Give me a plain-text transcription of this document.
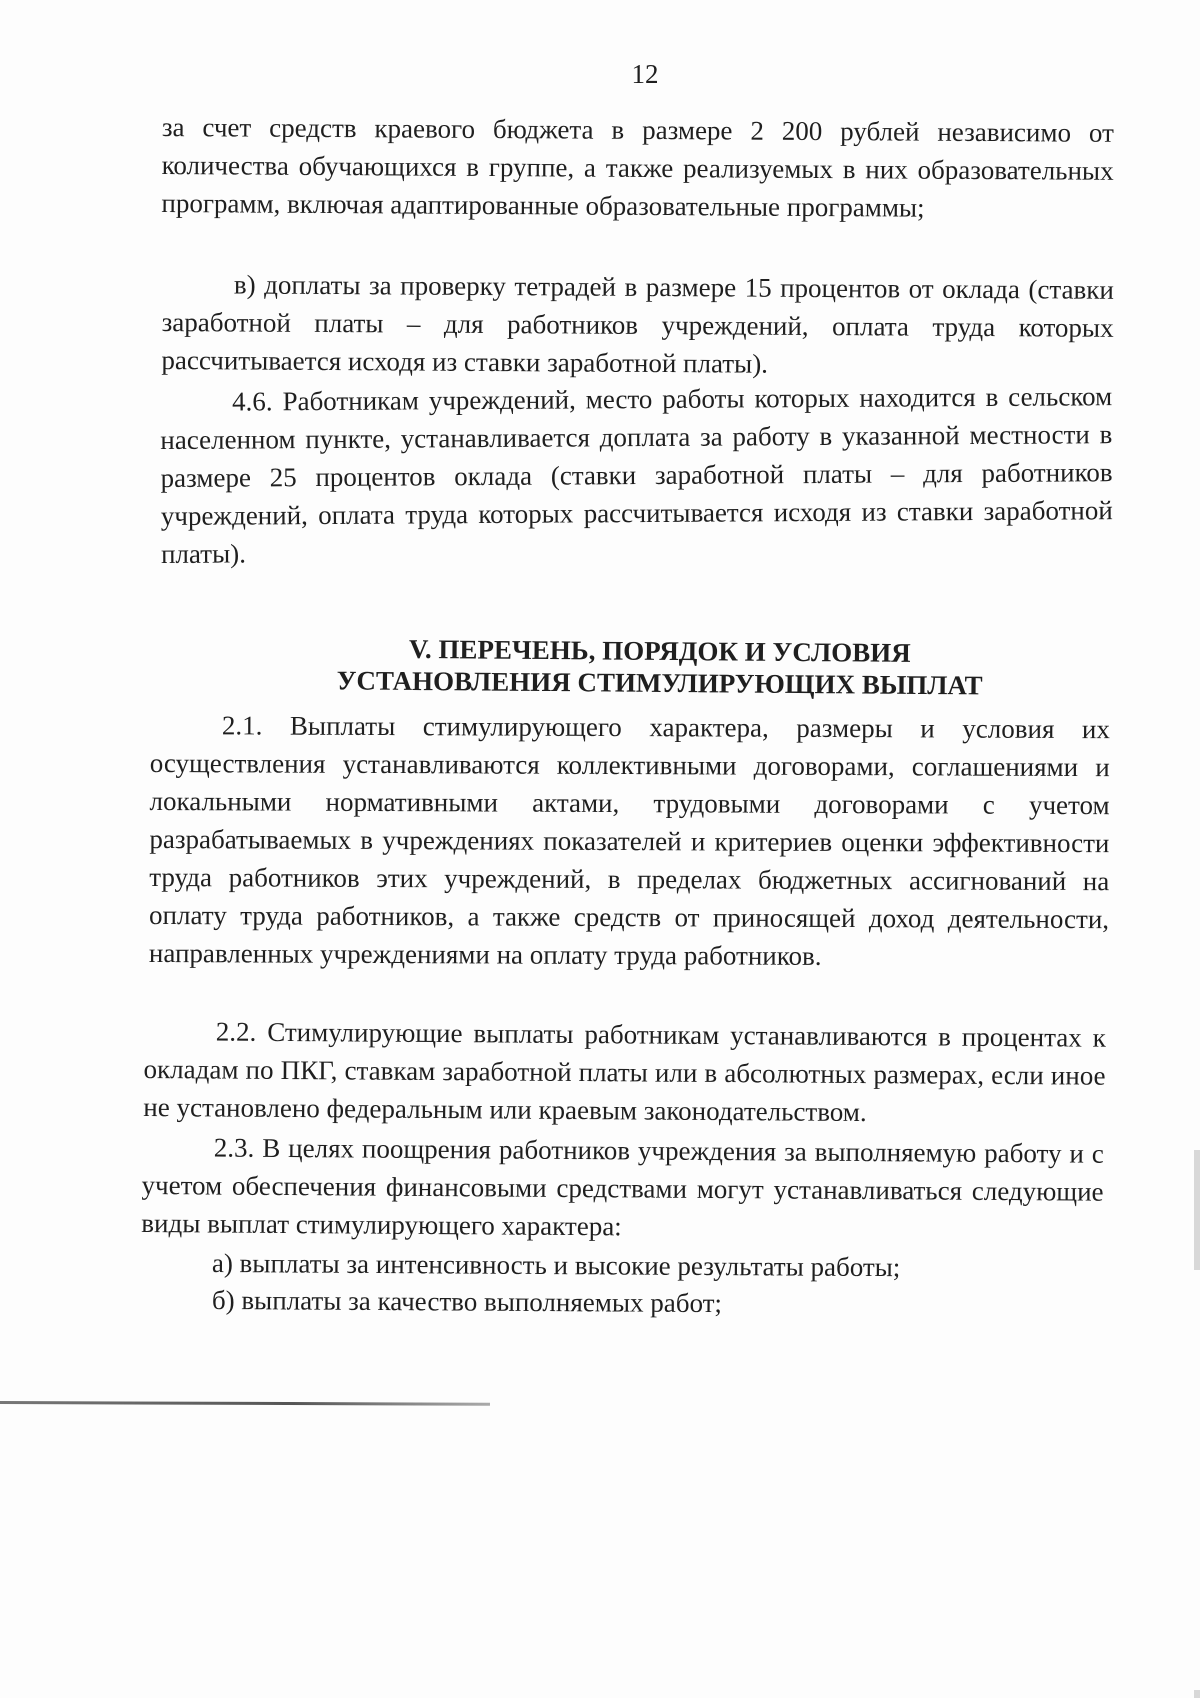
12
за счет средств краевого бюджета в размере 2 200 рублей независимо от количества обучающихся в группе, а также реализуемых в них образовательных программ, включая адаптированные образовательные программы;
в) доплаты за проверку тетрадей в размере 15 процентов от оклада (ставки заработной платы – для работников учреждений, оплата труда которых рассчитывается исходя из ставки заработной платы).
4.6. Работникам учреждений, место работы которых находится в сельском населенном пункте, устанавливается доплата за работу в указанной местности в размере 25 процентов оклада (ставки заработной платы – для работников учреждений, оплата труда которых рассчитывается исходя из ставки заработной платы).
V. ПЕРЕЧЕНЬ, ПОРЯДОК И УСЛОВИЯ
УСТАНОВЛЕНИЯ СТИМУЛИРУЮЩИХ ВЫПЛАТ
2.1. Выплаты стимулирующего характера, размеры и условия их осуществления устанавливаются коллективными договорами, соглашениями и локальными нормативными актами, трудовыми договорами с учетом разрабатываемых в учреждениях показателей и критериев оценки эффективности труда работников этих учреждений, в пределах бюджетных ассигнований на оплату труда работников, а также средств от приносящей доход деятельности, направленных учреждениями на оплату труда работников.
2.2. Стимулирующие выплаты работникам устанавливаются в процентах к окладам по ПКГ, ставкам заработной платы или в абсолютных размерах, если иное не установлено федеральным или краевым законодательством.
2.3. В целях поощрения работников учреждения за выполняемую работу и с учетом обеспечения финансовыми средствами могут устанавливаться следующие виды выплат стимулирующего характера:
а) выплаты за интенсивность и высокие результаты работы;
б) выплаты за качество выполняемых работ;
